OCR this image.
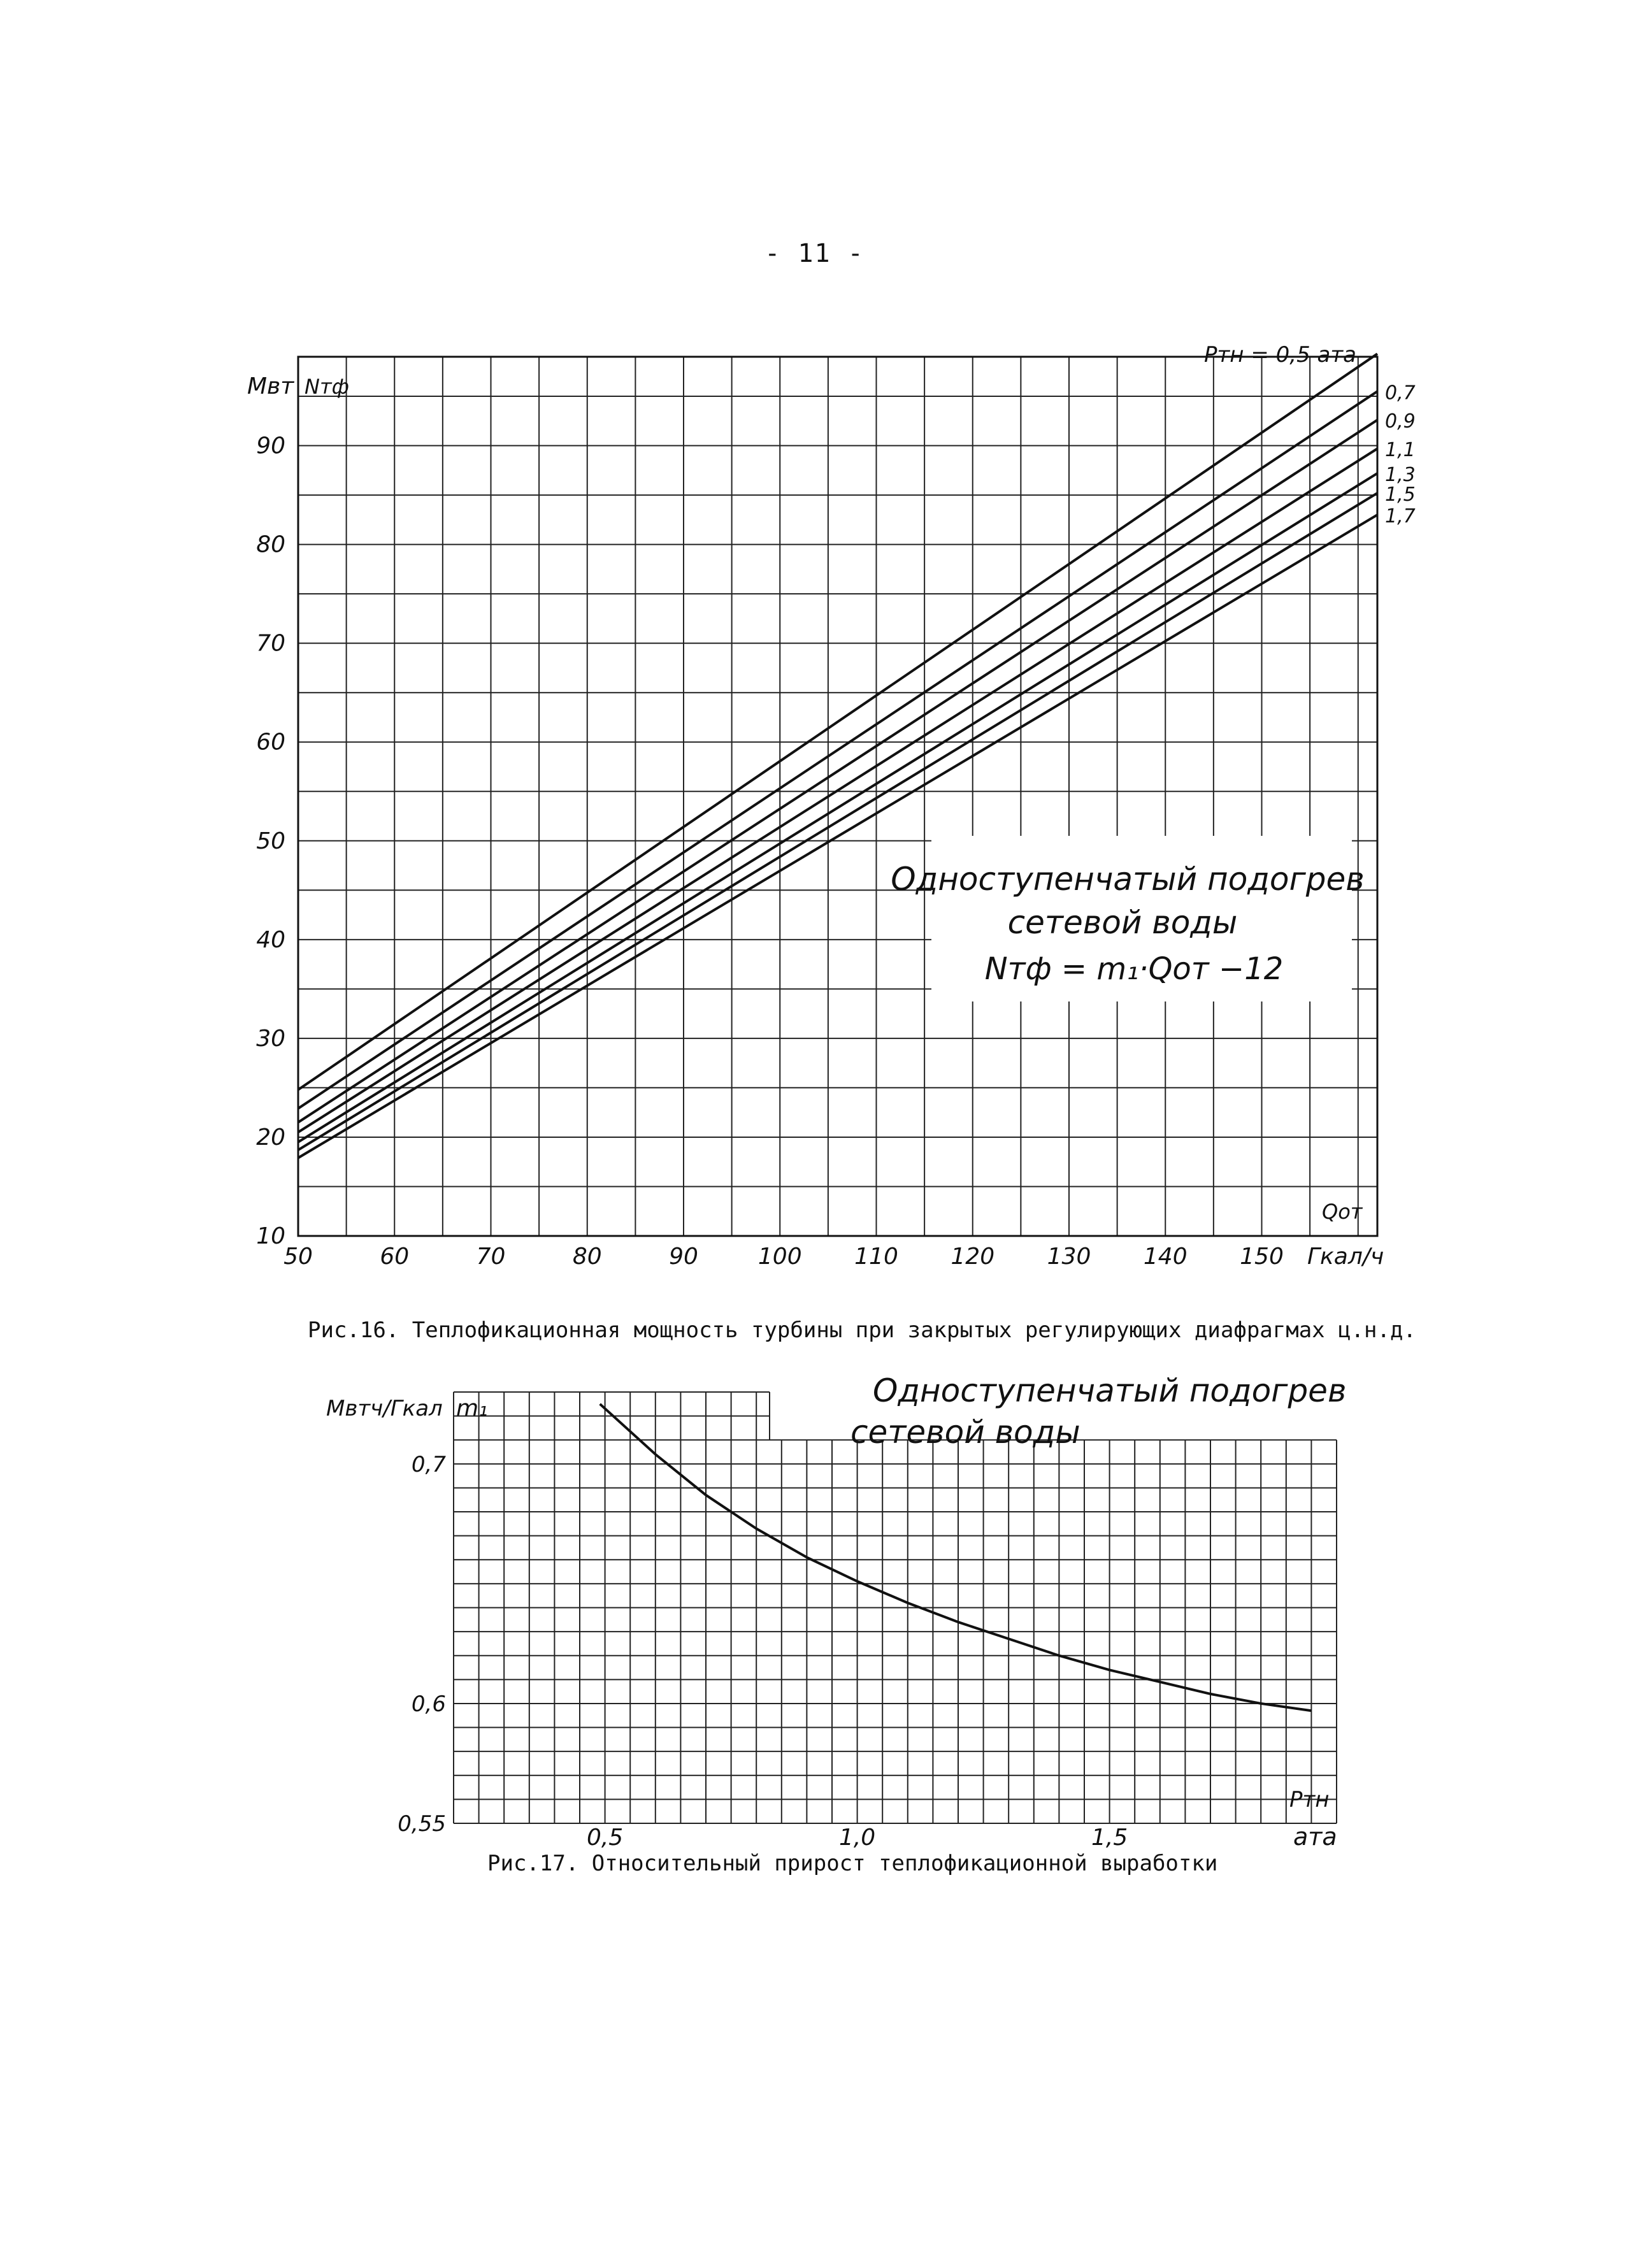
- 11 -
0,7
0,9
1,1
1,3
1,5
1,7
50	60	70	80	90	100 110 120 130 140 150
10
20
30
40
50
60
70
80
90
Одноступенчатый подогрев
сетевой воды
Nтф = m₁·Qот −12
Мвт Nтф
Qот
Гкал/ч
Pтн = 0,5 ата
0,5	1,0	1,5
0,55
0,6
0,7
Мвтч/Гкал m₁	Одноступенчатый подогрев
сетевой воды
Pтн
ата
Рис.16. Теплофикационная мощность турбины при закрытых регулирующих диафрагмах ц.н.д.
Рис.17. Относительный прирост теплофикационной выработки
